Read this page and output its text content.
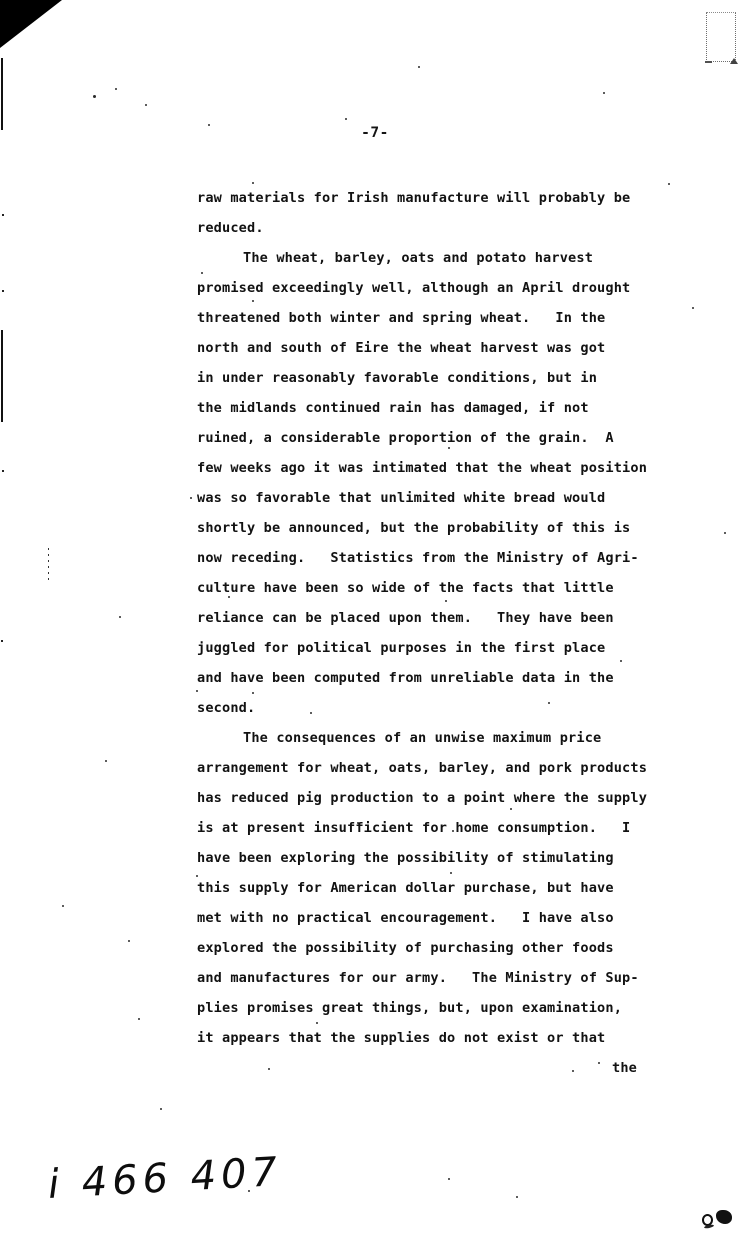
-7-
raw materials for Irish manufacture will probably be
reduced.
The wheat, barley, oats and potato harvest
promised exceedingly well, although an April drought
threatened both winter and spring wheat.   In the
north and south of Eire the wheat harvest was got
in under reasonably favorable conditions, but in
the midlands continued rain has damaged, if not
ruined, a considerable proportion of the grain.  A
few weeks ago it was intimated that the wheat position
was so favorable that unlimited white bread would
shortly be announced, but the probability of this is
now receding.   Statistics from the Ministry of Agri-
culture have been so wide of the facts that little
reliance can be placed upon them.   They have been
juggled for political purposes in the first place
and have been computed from unreliable data in the
second.
The consequences of an unwise maximum price
arrangement for wheat, oats, barley, and pork products
has reduced pig production to a point where the supply
is at present insufficient for home consumption.   I
have been exploring the possibility of stimulating
this supply for American dollar purchase, but have
met with no practical encouragement.   I have also
explored the possibility of purchasing other foods
and manufactures for our army.   The Ministry of Sup-
plies promises great things, but, upon examination,
it appears that the supplies do not exist or that
the
i 466 407
